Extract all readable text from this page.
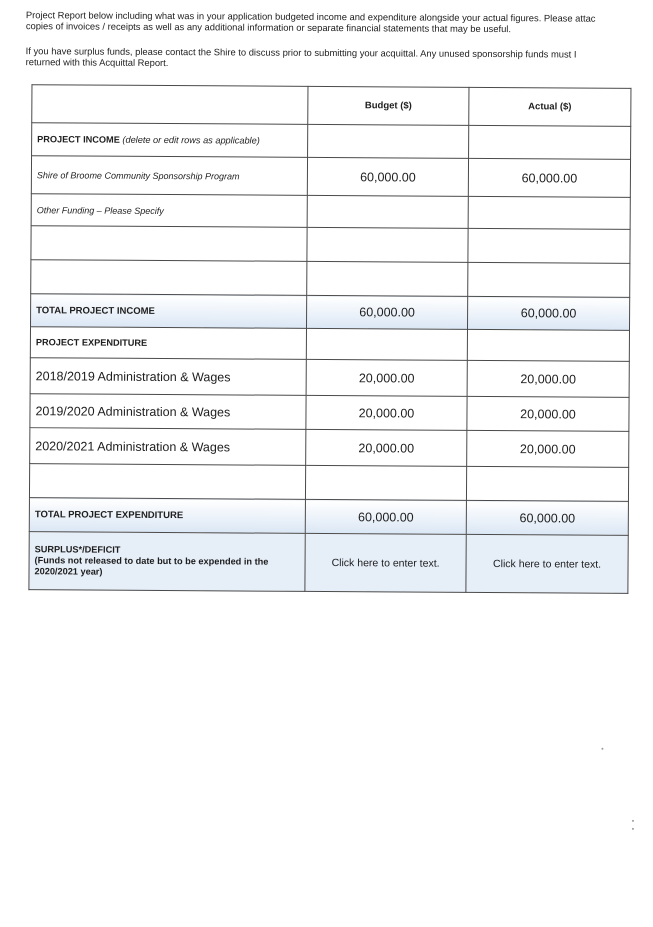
Project Report below including what was in your application budgeted income and expenditure alongside your actual figures. Please attac
copies of invoices / receipts as well as any additional information or separate financial statements that may be useful.

If you have surplus funds, please contact the Shire to discuss prior to submitting your acquittal. Any unused sponsorship funds must I
returned with this Acquittal Report.

	Budget ($)	Actual ($)
PROJECT INCOME (delete or edit rows as applicable)		
Shire of Broome Community Sponsorship Program	60,000.00	60,000.00
Other Funding – Please Specify		

TOTAL PROJECT INCOME	60,000.00	60,000.00
PROJECT EXPENDITURE		
2018/2019 Administration & Wages	20,000.00	20,000.00
2019/2020 Administration & Wages	20,000.00	20,000.00
2020/2021 Administration & Wages	20,000.00	20,000.00

TOTAL PROJECT EXPENDITURE	60,000.00	60,000.00

SURPLUS*/DEFICIT
(Funds not released to date but to be expended in the
2020/2021 year)	Click here to enter text.	Click here to enter text.
